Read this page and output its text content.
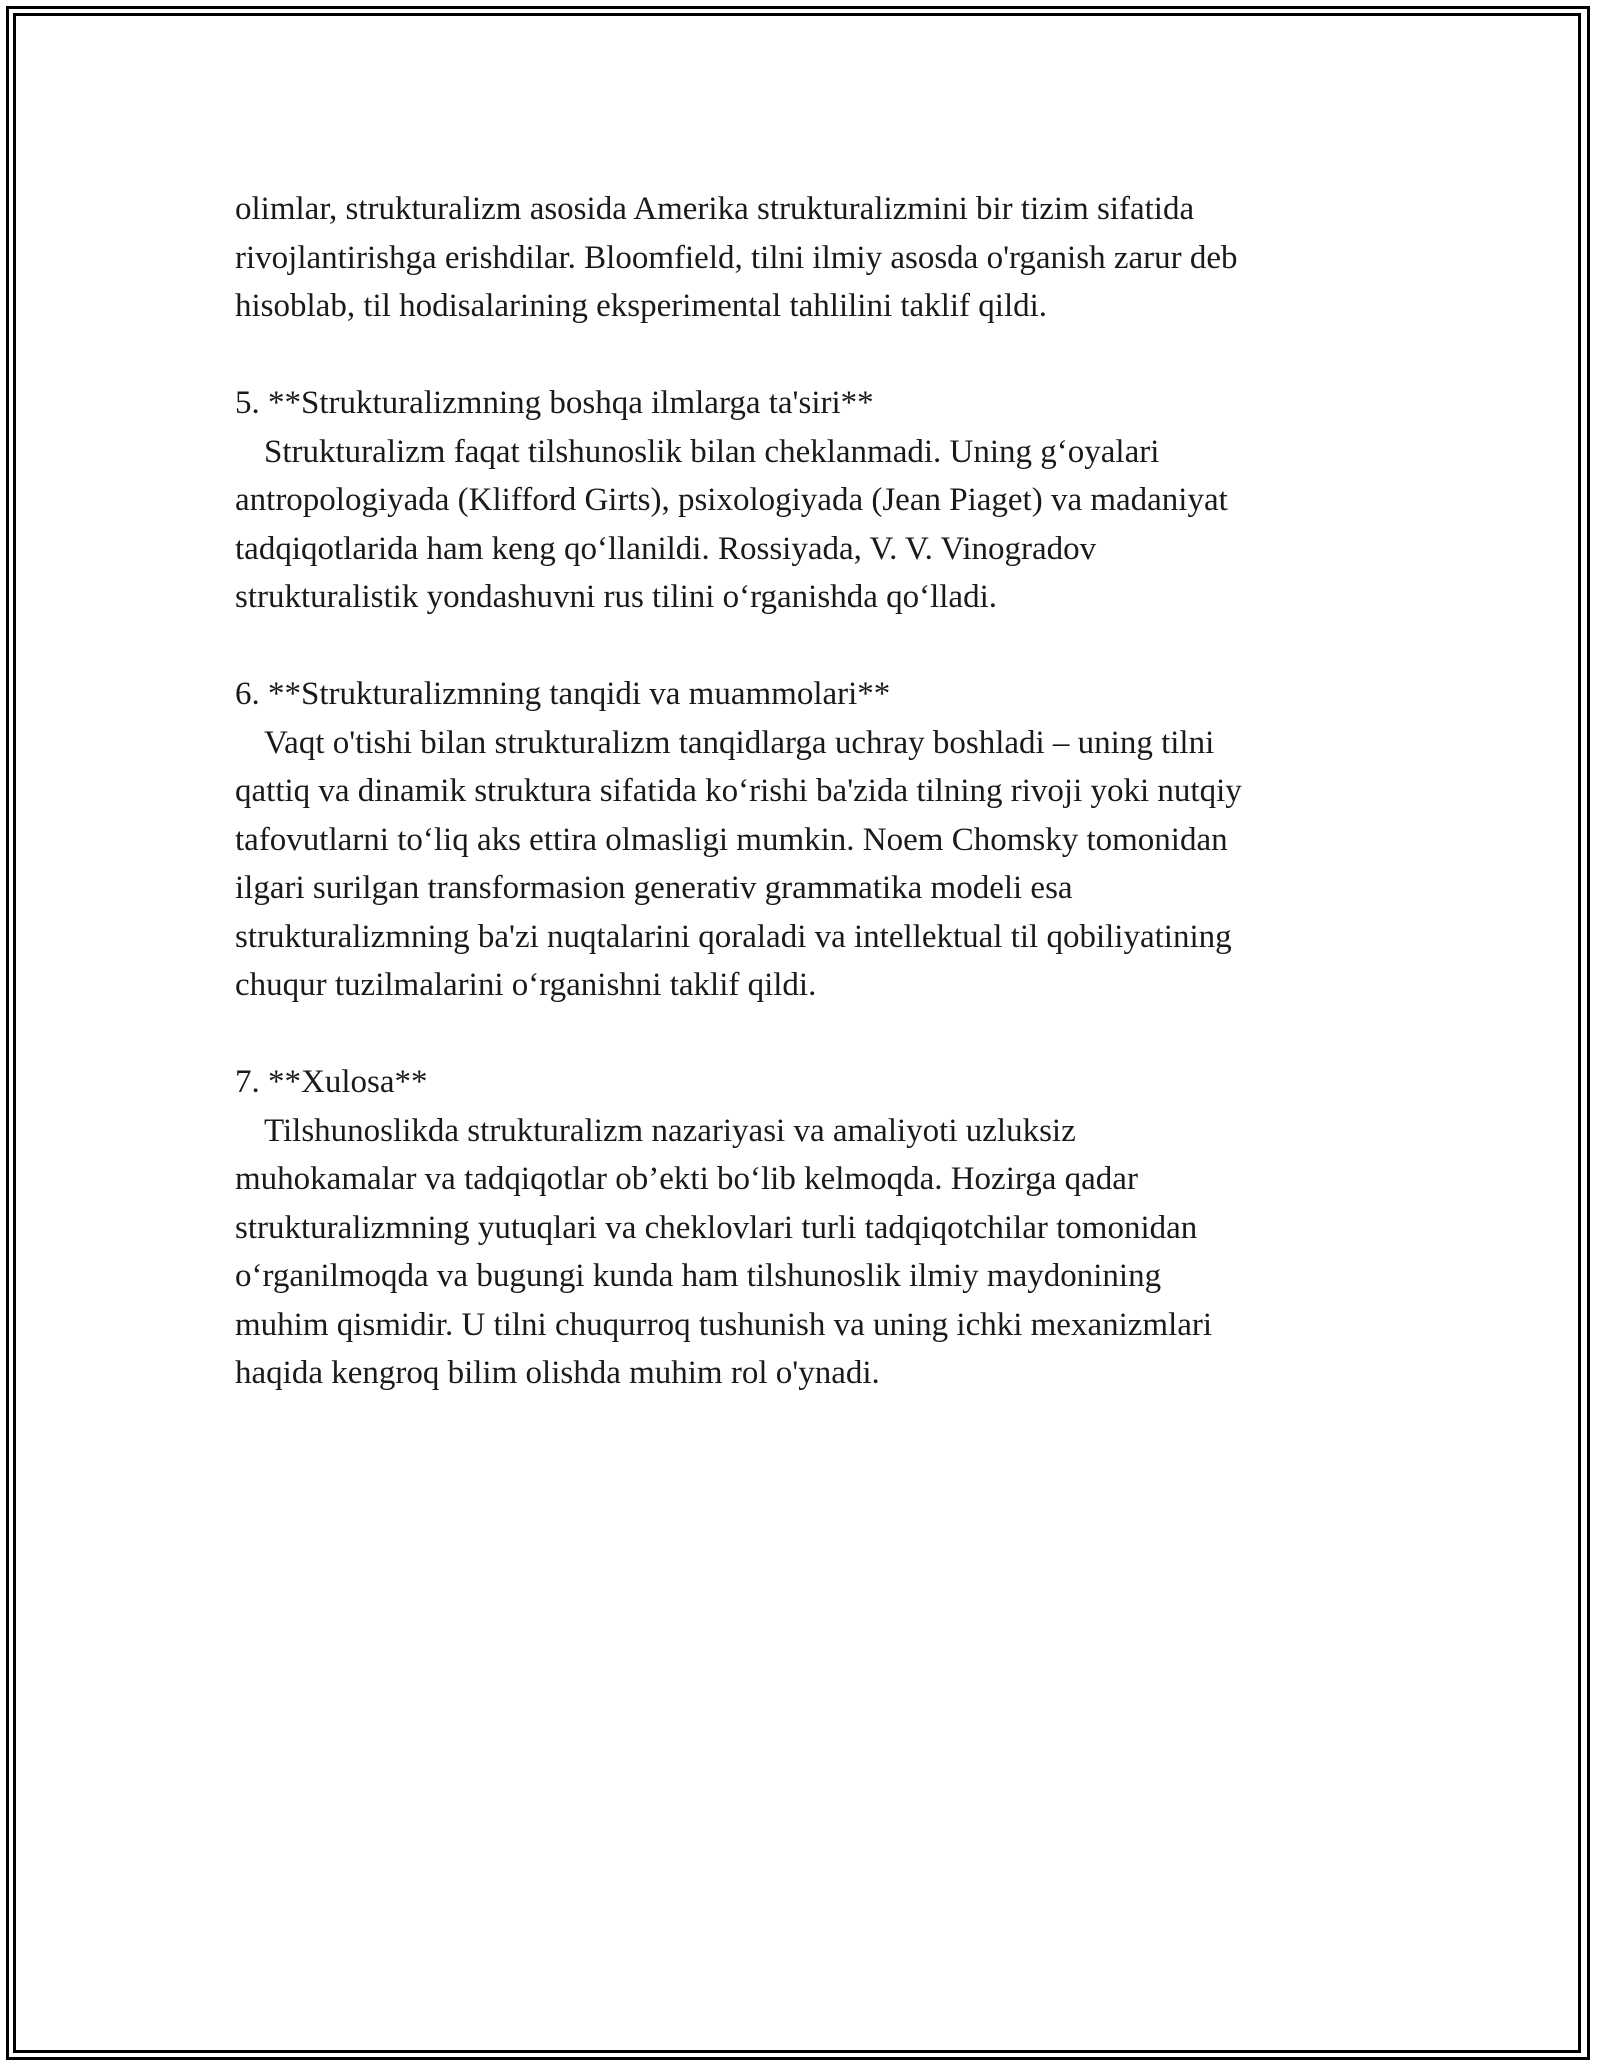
olimlar, strukturalizm asosida Amerika strukturalizmini bir tizim sifatida
rivojlantirishga erishdilar. Bloomfield, tilni ilmiy asosda o'rganish zarur deb
hisoblab, til hodisalarining eksperimental tahlilini taklif qildi.
5. **Strukturalizmning boshqa ilmlarga ta'siri**
Strukturalizm faqat tilshunoslik bilan cheklanmadi. Uning g‘oyalari
antropologiyada (Klifford Girts), psixologiyada (Jean Piaget) va madaniyat
tadqiqotlarida ham keng qo‘llanildi. Rossiyada, V. V. Vinogradov
strukturalistik yondashuvni rus tilini o‘rganishda qo‘lladi.
6. **Strukturalizmning tanqidi va muammolari**
Vaqt o'tishi bilan strukturalizm tanqidlarga uchray boshladi – uning tilni
qattiq va dinamik struktura sifatida ko‘rishi ba'zida tilning rivoji yoki nutqiy
tafovutlarni to‘liq aks ettira olmasligi mumkin. Noem Chomsky tomonidan
ilgari surilgan transformasion generativ grammatika modeli esa
strukturalizmning ba'zi nuqtalarini qoraladi va intellektual til qobiliyatining
chuqur tuzilmalarini o‘rganishni taklif qildi.
7. **Xulosa**
Tilshunoslikda strukturalizm nazariyasi va amaliyoti uzluksiz
muhokamalar va tadqiqotlar ob’ekti bo‘lib kelmoqda. Hozirga qadar
strukturalizmning yutuqlari va cheklovlari turli tadqiqotchilar tomonidan
o‘rganilmoqda va bugungi kunda ham tilshunoslik ilmiy maydonining
muhim qismidir. U tilni chuqurroq tushunish va uning ichki mexanizmlari
haqida kengroq bilim olishda muhim rol o'ynadi.
